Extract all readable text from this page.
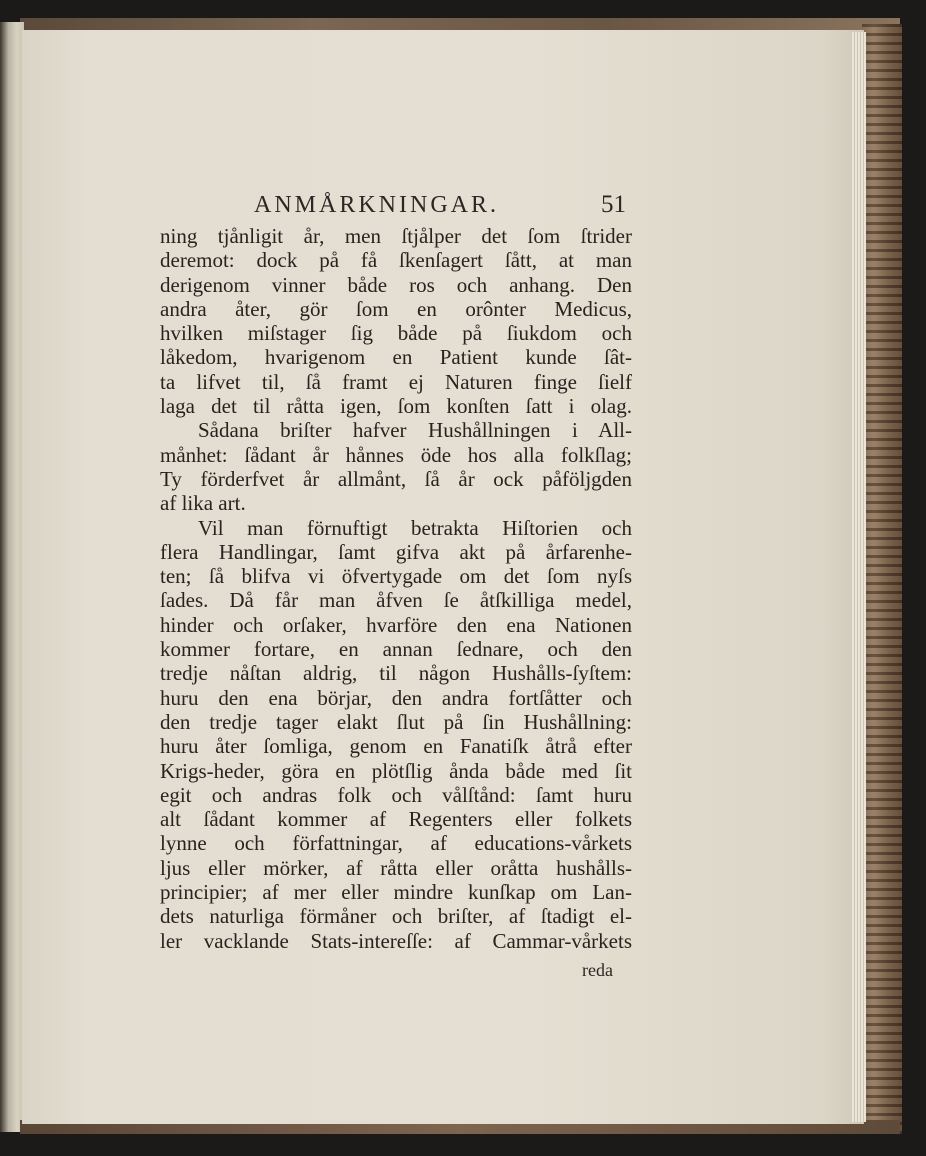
ANMÅRKNINGAR.	51
ning tjånligit år, men ſtjålper det ſom ſtrider
deremot: dock på få ſkenſagert ſått, at man
derigenom vinner både ros och anhang. Den
andra åter, gör ſom en orônter Medicus,
hvilken miſstager ſig både på ſiukdom och
låkedom, hvarigenom en Patient kunde ſât-
ta lifvet til, ſå framt ej Naturen finge ſielf
laga det til råtta igen, ſom konſten ſatt i olag.
Sådana briſter hafver Hushållningen i All-
månhet: ſådant år hånnes öde hos alla folkſlag;
Ty förderfvet år allmånt, ſå år ock påföljgden
af lika art.
Vil man förnuftigt betrakta Hiſtorien och
flera Handlingar, ſamt gifva akt på årfarenhe-
ten; ſå blifva vi öfvertygade om det ſom nyſs
ſades. Då får man åfven ſe åtſkilliga medel,
hinder och orſaker, hvarföre den ena Nationen
kommer fortare, en annan ſednare, och den
tredje nåſtan aldrig, til någon Hushålls-ſyſtem:
huru den ena börjar, den andra fortſåtter och
den tredje tager elakt ſlut på ſin Hushållning:
huru åter ſomliga, genom en Fanatiſk åtrå efter
Krigs-heder, göra en plötſlig ånda både med ſit
egit och andras folk och vålſtånd: ſamt huru
alt ſådant kommer af Regenters eller folkets
lynne och författningar, af educations-vårkets
ljus eller mörker, af råtta eller oråtta hushålls-
principier; af mer eller mindre kunſkap om Lan-
dets naturliga förmåner och briſter, af ſtadigt el-
ler vacklande Stats-intereſſe: af Cammar-vårkets
reda
